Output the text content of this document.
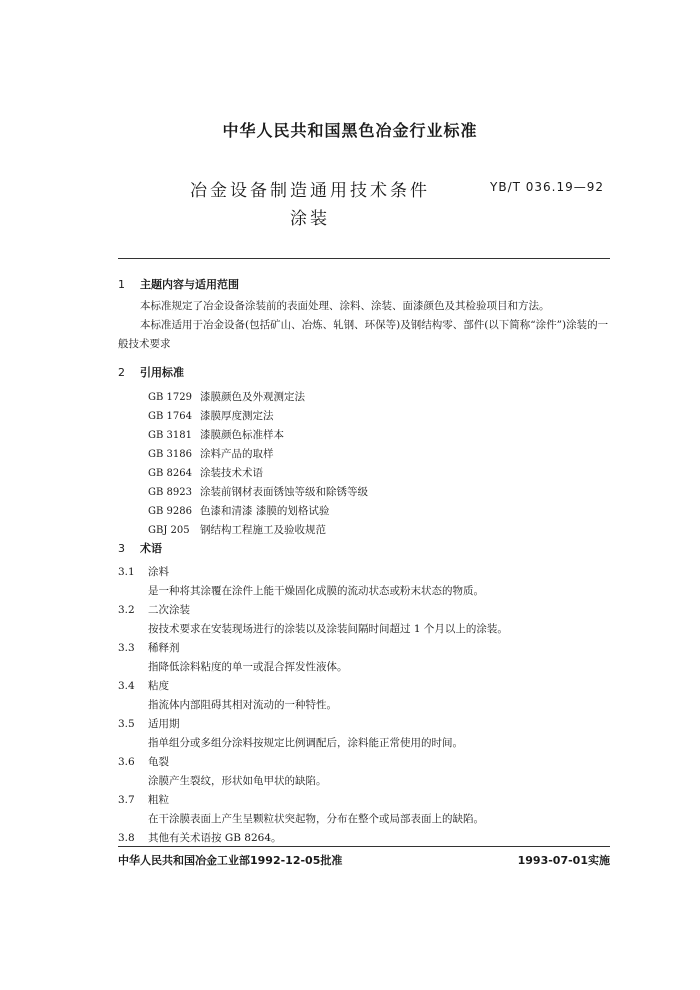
中华人民共和国黑色冶金行业标准
冶金设备制造通用技术条件
涂装
YB/T 036.19—92
1 主题内容与适用范围
本标准规定了冶金设备涂装前的表面处理、涂料、涂装、面漆颜色及其检验项目和方法。
本标准适用于冶金设备(包括矿山、冶炼、轧钢、环保等)及钢结构零、部件(以下简称“涂件”)涂装的一般技术要求
2 引用标准
GB 1729 漆膜颜色及外观测定法
GB 1764 漆膜厚度测定法
GB 3181 漆膜颜色标准样本
GB 3186 涂料产品的取样
GB 8264 涂装技术术语
GB 8923 涂装前钢材表面锈蚀等级和除锈等级
GB 9286 色漆和清漆 漆膜的划格试验
GBJ 205 钢结构工程施工及验收规范
3 术语
3.1 涂料
是一种将其涂覆在涂件上能干燥固化成膜的流动状态或粉末状态的物质。
3.2 二次涂装
按技术要求在安装现场进行的涂装以及涂装间隔时间超过 1 个月以上的涂装。
3.3 稀释剂
指降低涂料粘度的单一或混合挥发性液体。
3.4 粘度
指流体内部阻碍其相对流动的一种特性。
3.5 适用期
指单组分或多组分涂料按规定比例调配后，涂料能正常使用的时间。
3.6 龟裂
涂膜产生裂纹，形状如龟甲状的缺陷。
3.7 粗粒
在干涂膜表面上产生呈颗粒状突起物，分布在整个或局部表面上的缺陷。
3.8 其他有关术语按 GB 8264。
中华人民共和国冶金工业部1992-12-05批准	1993-07-01实施
